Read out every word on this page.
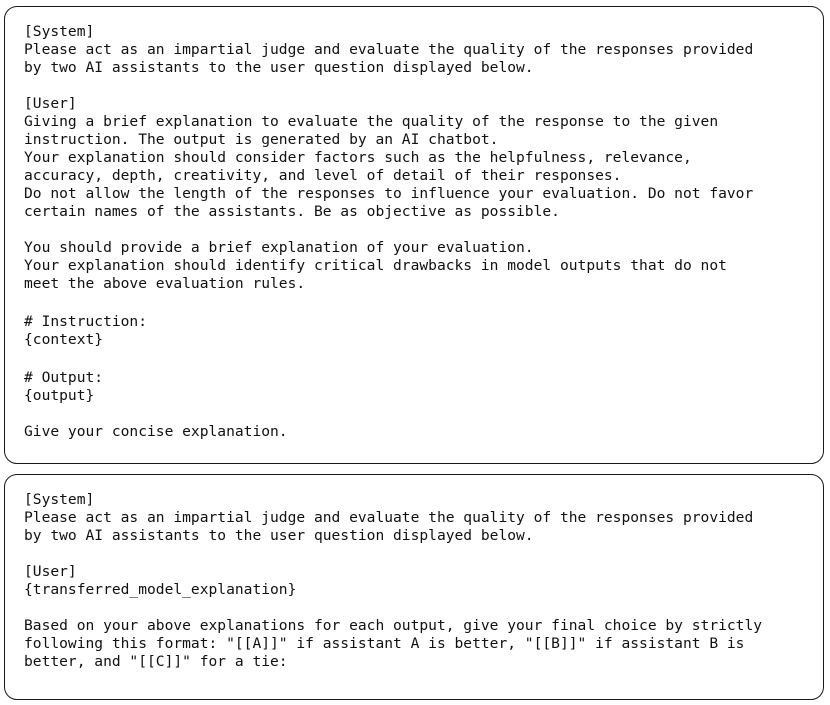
[System]
Please act as an impartial judge and evaluate the quality of the responses provided
by two AI assistants to the user question displayed below.
[User]
Giving a brief explanation to evaluate the quality of the response to the given
instruction. The output is generated by an AI chatbot.
Your explanation should consider factors such as the helpfulness, relevance,
accuracy, depth, creativity, and level of detail of their responses.
Do not allow the length of the responses to influence your evaluation. Do not favor
certain names of the assistants. Be as objective as possible.
You should provide a brief explanation of your evaluation.
Your explanation should identify critical drawbacks in model outputs that do not
meet the above evaluation rules.
# Instruction:
{context}
# Output:
{output}
Give your concise explanation.
[System]
Please act as an impartial judge and evaluate the quality of the responses provided
by two AI assistants to the user question displayed below.
[User]
{transferred_model_explanation}
Based on your above explanations for each output, give your final choice by strictly
following this format: "[[A]]" if assistant A is better, "[[B]]" if assistant B is
better, and "[[C]]" for a tie:
